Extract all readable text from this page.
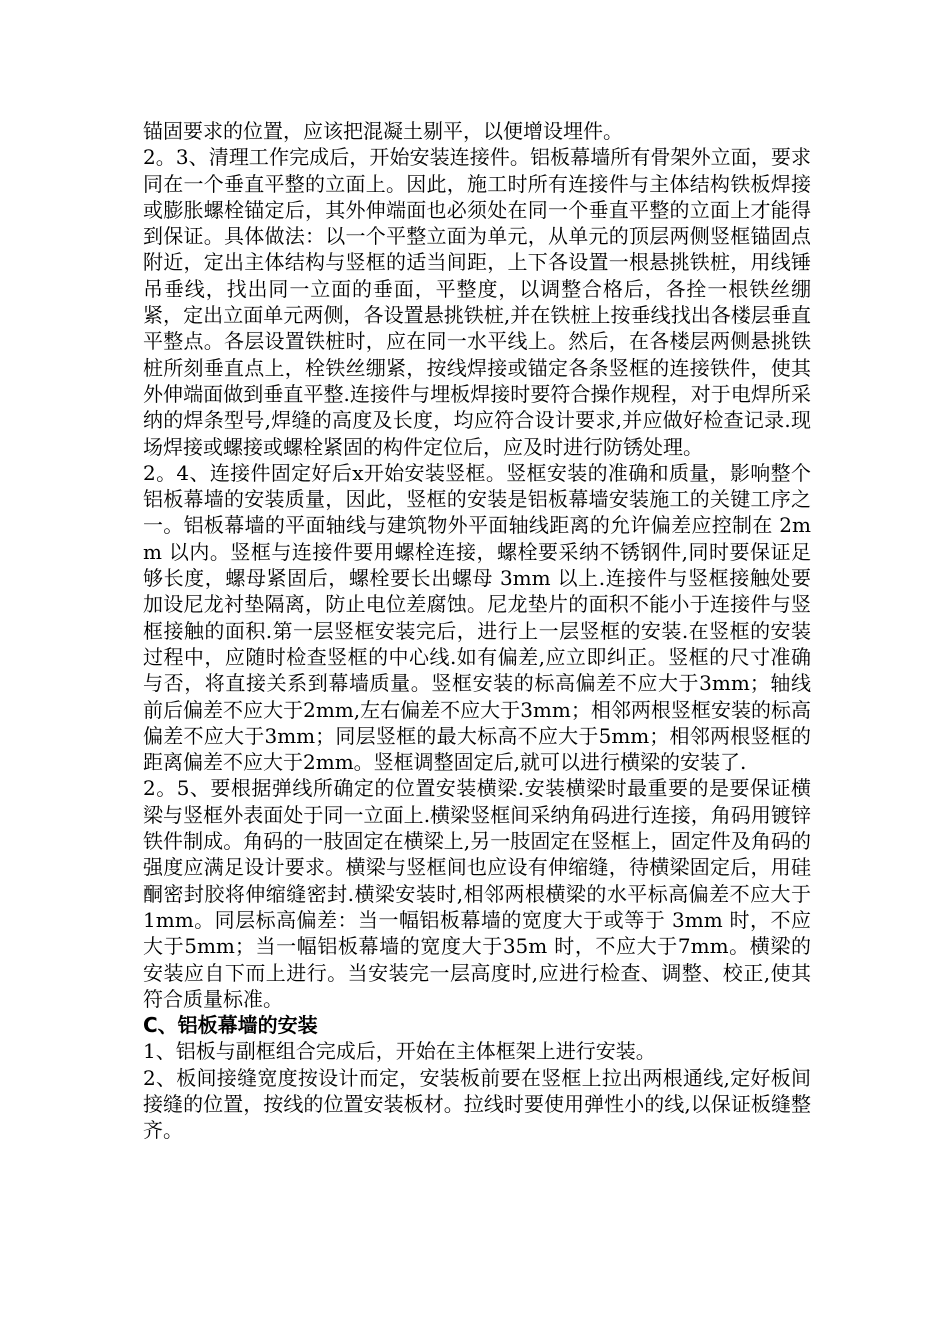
锚固要求的位置，应该把混凝土剔平，以便增设埋件。

2。3、清理工作完成后，开始安装连接件。铝板幕墙所有骨架外立面，要求同在一个垂直平整的立面上。因此，施工时所有连接件与主体结构铁板焊接或膨胀螺栓锚定后，其外伸端面也必须处在同一个垂直平整的立面上才能得到保证。具体做法：以一个平整立面为单元，从单元的顶层两侧竖框锚固点附近，定出主体结构与竖框的适当间距，上下各设置一根悬挑铁桩，用线锤吊垂线，找出同一立面的垂面，平整度，以调整合格后，各拴一根铁丝绷紧，定出立面单元两侧，各设置悬挑铁桩,并在铁桩上按垂线找出各楼层垂直平整点。各层设置铁桩时，应在同一水平线上。然后，在各楼层两侧悬挑铁桩所刻垂直点上，栓铁丝绷紧，按线焊接或锚定各条竖框的连接铁件，使其外伸端面做到垂直平整.连接件与埋板焊接时要符合操作规程，对于电焊所采纳的焊条型号,焊缝的高度及长度，均应符合设计要求,并应做好检查记录.现场焊接或螺接或螺栓紧固的构件定位后，应及时进行防锈处理。

2。4、连接件固定好后x开始安装竖框。竖框安装的准确和质量，影响整个铝板幕墙的安装质量，因此，竖框的安装是铝板幕墙安装施工的关键工序之一。铝板幕墙的平面轴线与建筑物外平面轴线距离的允许偏差应控制在 2mm 以内。竖框与连接件要用螺栓连接，螺栓要采纳不锈钢件,同时要保证足够长度，螺母紧固后，螺栓要长出螺母 3mm 以上.连接件与竖框接触处要加设尼龙衬垫隔离，防止电位差腐蚀。尼龙垫片的面积不能小于连接件与竖框接触的面积.第一层竖框安装完后，进行上一层竖框的安装.在竖框的安装过程中，应随时检查竖框的中心线.如有偏差,应立即纠正。竖框的尺寸准确与否，将直接关系到幕墙质量。竖框安装的标高偏差不应大于3mm；轴线前后偏差不应大于2mm,左右偏差不应大于3mm；相邻两根竖框安装的标高偏差不应大于3mm；同层竖框的最大标高不应大于5mm；相邻两根竖框的距离偏差不应大于2mm。竖框调整固定后,就可以进行横梁的安装了.

2。5、要根据弹线所确定的位置安装横梁.安装横梁时最重要的是要保证横梁与竖框外表面处于同一立面上.横梁竖框间采纳角码进行连接，角码用镀锌铁件制成。角码的一肢固定在横梁上,另一肢固定在竖框上，固定件及角码的强度应满足设计要求。横梁与竖框间也应设有伸缩缝，待横梁固定后，用硅酮密封胶将伸缩缝密封.横梁安装时,相邻两根横梁的水平标高偏差不应大于 1mm。同层标高偏差：当一幅铝板幕墙的宽度大于或等于 3mm 时，不应大于5mm；当一幅铝板幕墙的宽度大于35m 时，不应大于7mm。横梁的安装应自下而上进行。当安装完一层高度时,应进行检查、调整、校正,使其符合质量标准。

C、铝板幕墙的安装

1、铝板与副框组合完成后，开始在主体框架上进行安装。

2、板间接缝宽度按设计而定，安装板前要在竖框上拉出两根通线,定好板间接缝的位置，按线的位置安装板材。拉线时要使用弹性小的线,以保证板缝整齐。
